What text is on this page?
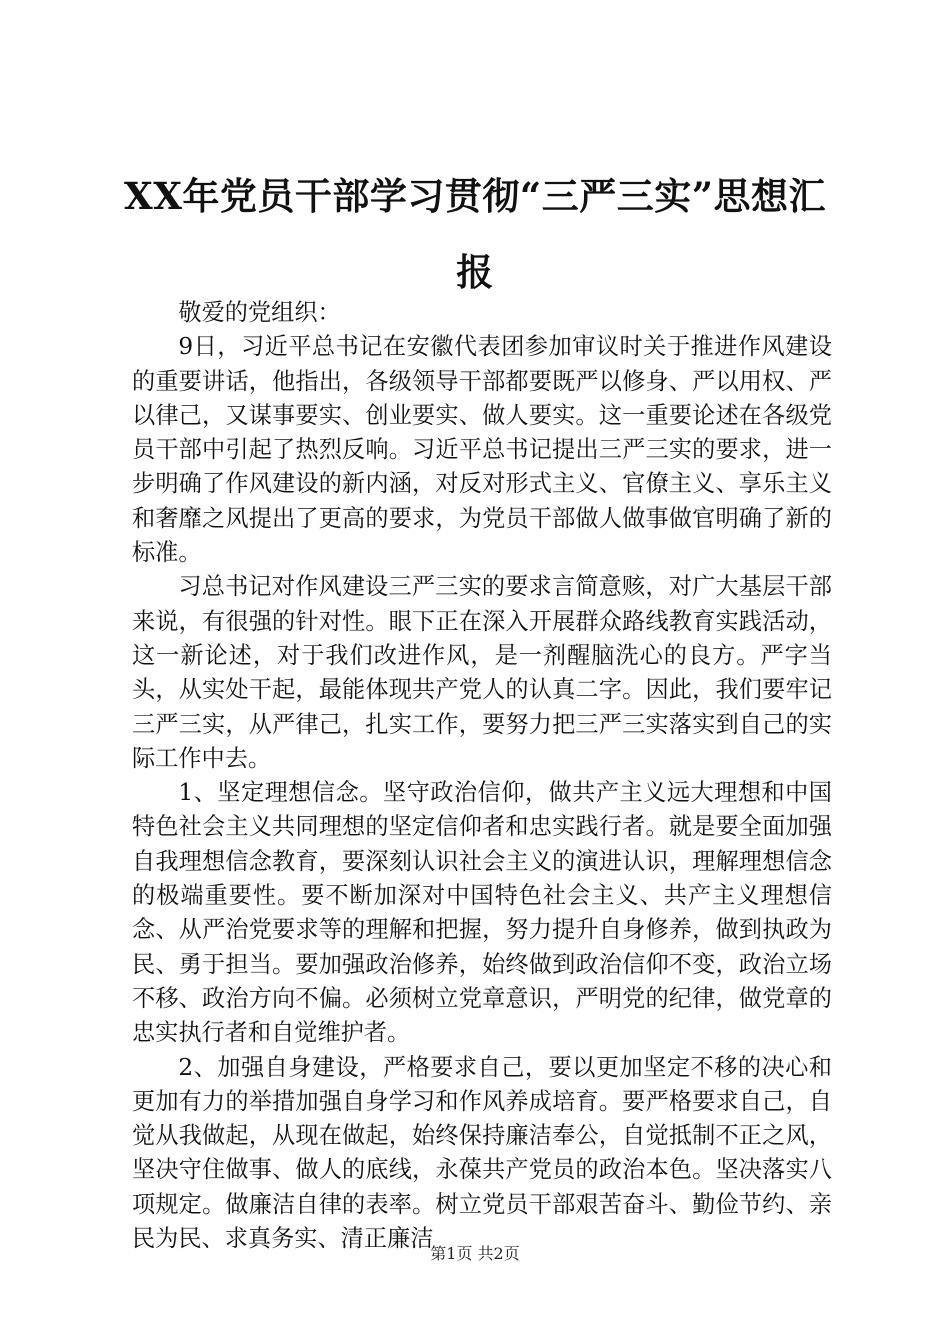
XX年党员干部学习贯彻“三严三实”思想汇报

敬爱的党组织：

9日，习近平总书记在安徽代表团参加审议时关于推进作风建设的重要讲话，他指出，各级领导干部都要既严以修身、严以用权、严以律己，又谋事要实、创业要实、做人要实。这一重要论述在各级党员干部中引起了热烈反响。习近平总书记提出三严三实的要求，进一步明确了作风建设的新内涵，对反对形式主义、官僚主义、享乐主义和奢靡之风提出了更高的要求，为党员干部做人做事做官明确了新的标准。

习总书记对作风建设三严三实的要求言简意赅，对广大基层干部来说，有很强的针对性。眼下正在深入开展群众路线教育实践活动，这一新论述，对于我们改进作风，是一剂醒脑洗心的良方。严字当头，从实处干起，最能体现共产党人的认真二字。因此，我们要牢记三严三实，从严律己，扎实工作，要努力把三严三实落实到自己的实际工作中去。

1、坚定理想信念。坚守政治信仰，做共产主义远大理想和中国特色社会主义共同理想的坚定信仰者和忠实践行者。就是要全面加强自我理想信念教育，要深刻认识社会主义的演进认识，理解理想信念的极端重要性。要不断加深对中国特色社会主义、共产主义理想信念、从严治党要求等的理解和把握，努力提升自身修养，做到执政为民、勇于担当。要加强政治修养，始终做到政治信仰不变，政治立场不移、政治方向不偏。必须树立党章意识，严明党的纪律，做党章的忠实执行者和自觉维护者。

2、加强自身建设，严格要求自己，要以更加坚定不移的决心和更加有力的举措加强自身学习和作风养成培育。要严格要求自己，自觉从我做起，从现在做起，始终保持廉洁奉公，自觉抵制不正之风，坚决守住做事、做人的底线，永葆共产党员的政治本色。坚决落实八项规定。做廉洁自律的表率。树立党员干部艰苦奋斗、勤俭节约、亲民为民、求真务实、清正廉洁

第1页 共2页
